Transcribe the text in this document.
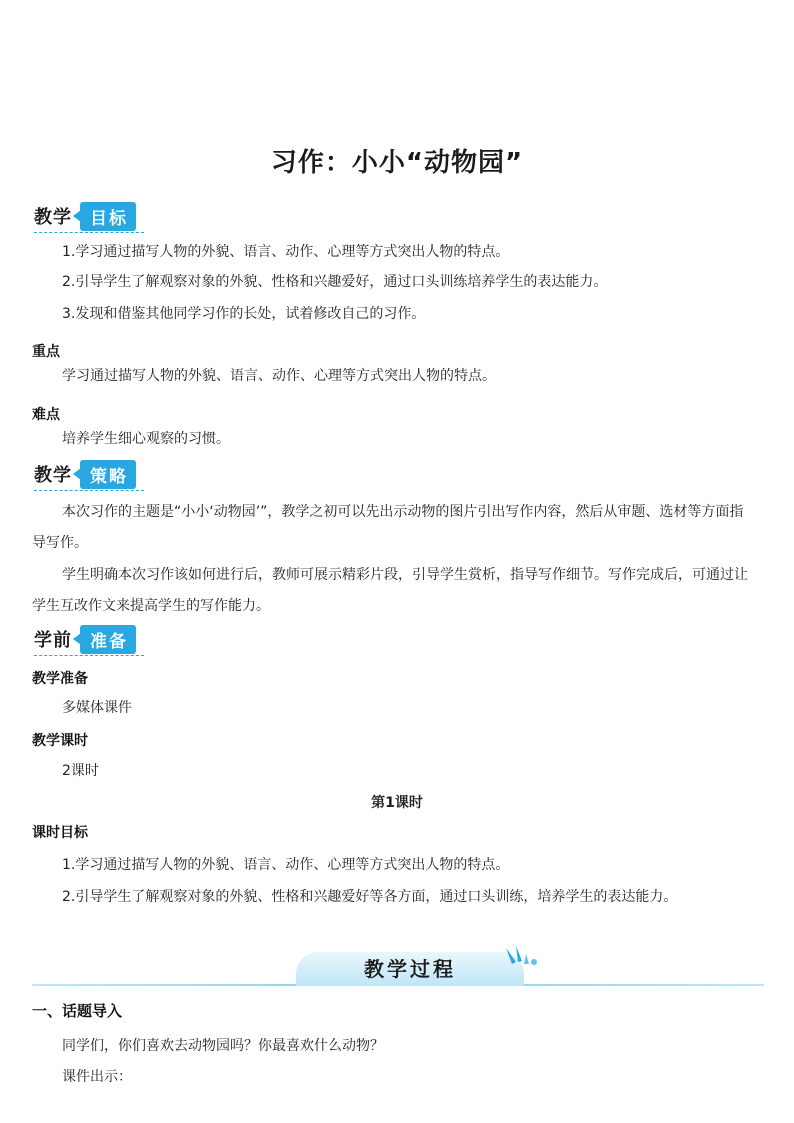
习作：小小“动物园”
教学	目标
1.学习通过描写人物的外貌、语言、动作、心理等方式突出人物的特点。
2.引导学生了解观察对象的外貌、性格和兴趣爱好，通过口头训练培养学生的表达能力。
3.发现和借鉴其他同学习作的长处，试着修改自己的习作。
重点
学习通过描写人物的外貌、语言、动作、心理等方式突出人物的特点。
难点
培养学生细心观察的习惯。
教学	策略
本次习作的主题是“小小‘动物园’”，教学之初可以先出示动物的图片引出写作内容，然后从审题、选材等方面指导写作。
学生明确本次习作该如何进行后，教师可展示精彩片段，引导学生赏析，指导写作细节。写作完成后，可通过让学生互改作文来提高学生的写作能力。
学前	准备
教学准备
多媒体课件
教学课时
2课时
第1课时
课时目标
1.学习通过描写人物的外貌、语言、动作、心理等方式突出人物的特点。
2.引导学生了解观察对象的外貌、性格和兴趣爱好等各方面，通过口头训练，培养学生的表达能力。
教学过程
一、话题导入
同学们，你们喜欢去动物园吗？你最喜欢什么动物？
课件出示：
